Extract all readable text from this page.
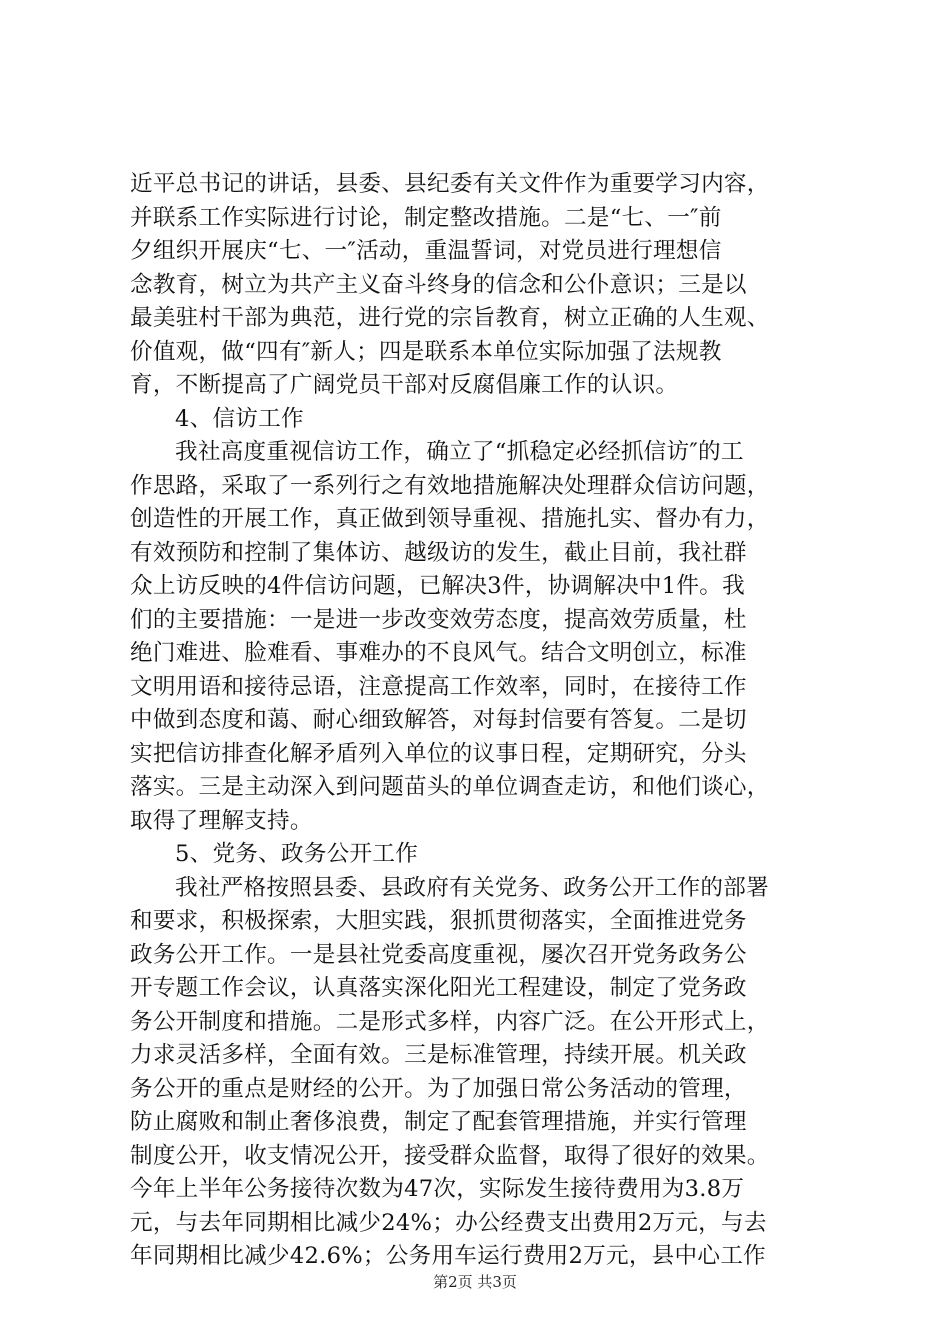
近平总书记的讲话，县委、县纪委有关文件作为重要学习内容，
并联系工作实际进行讨论，制定整改措施。二是“七、一″前
夕组织开展庆“七、一″活动，重温誓词，对党员进行理想信
念教育，树立为共产主义奋斗终身的信念和公仆意识；三是以
最美驻村干部为典范，进行党的宗旨教育，树立正确的人生观、
价值观，做“四有″新人；四是联系本单位实际加强了法规教
育，不断提高了广阔党员干部对反腐倡廉工作的认识。
4、信访工作
我社高度重视信访工作，确立了“抓稳定必经抓信访″的工
作思路，采取了一系列行之有效地措施解决处理群众信访问题，
创造性的开展工作，真正做到领导重视、措施扎实、督办有力，
有效预防和控制了集体访、越级访的发生，截止目前，我社群
众上访反映的4件信访问题，已解决3件，协调解决中1件。我
们的主要措施：一是进一步改变效劳态度，提高效劳质量，杜
绝门难进、脸难看、事难办的不良风气。结合文明创立，标准
文明用语和接待忌语，注意提高工作效率，同时，在接待工作
中做到态度和蔼、耐心细致解答，对每封信要有答复。二是切
实把信访排查化解矛盾列入单位的议事日程，定期研究，分头
落实。三是主动深入到问题苗头的单位调查走访，和他们谈心，
取得了理解支持。
5、党务、政务公开工作
我社严格按照县委、县政府有关党务、政务公开工作的部署
和要求，积极探索，大胆实践，狠抓贯彻落实，全面推进党务
政务公开工作。一是县社党委高度重视，屡次召开党务政务公
开专题工作会议，认真落实深化阳光工程建设，制定了党务政
务公开制度和措施。二是形式多样，内容广泛。在公开形式上，
力求灵活多样，全面有效。三是标准管理，持续开展。机关政
务公开的重点是财经的公开。为了加强日常公务活动的管理，
防止腐败和制止奢侈浪费，制定了配套管理措施，并实行管理
制度公开，收支情况公开，接受群众监督，取得了很好的效果。
今年上半年公务接待次数为47次，实际发生接待费用为3.8万
元，与去年同期相比减少24%；办公经费支出费用2万元，与去
年同期相比减少42.6%；公务用车运行费用2万元，县中心工作
第2页 共3页
